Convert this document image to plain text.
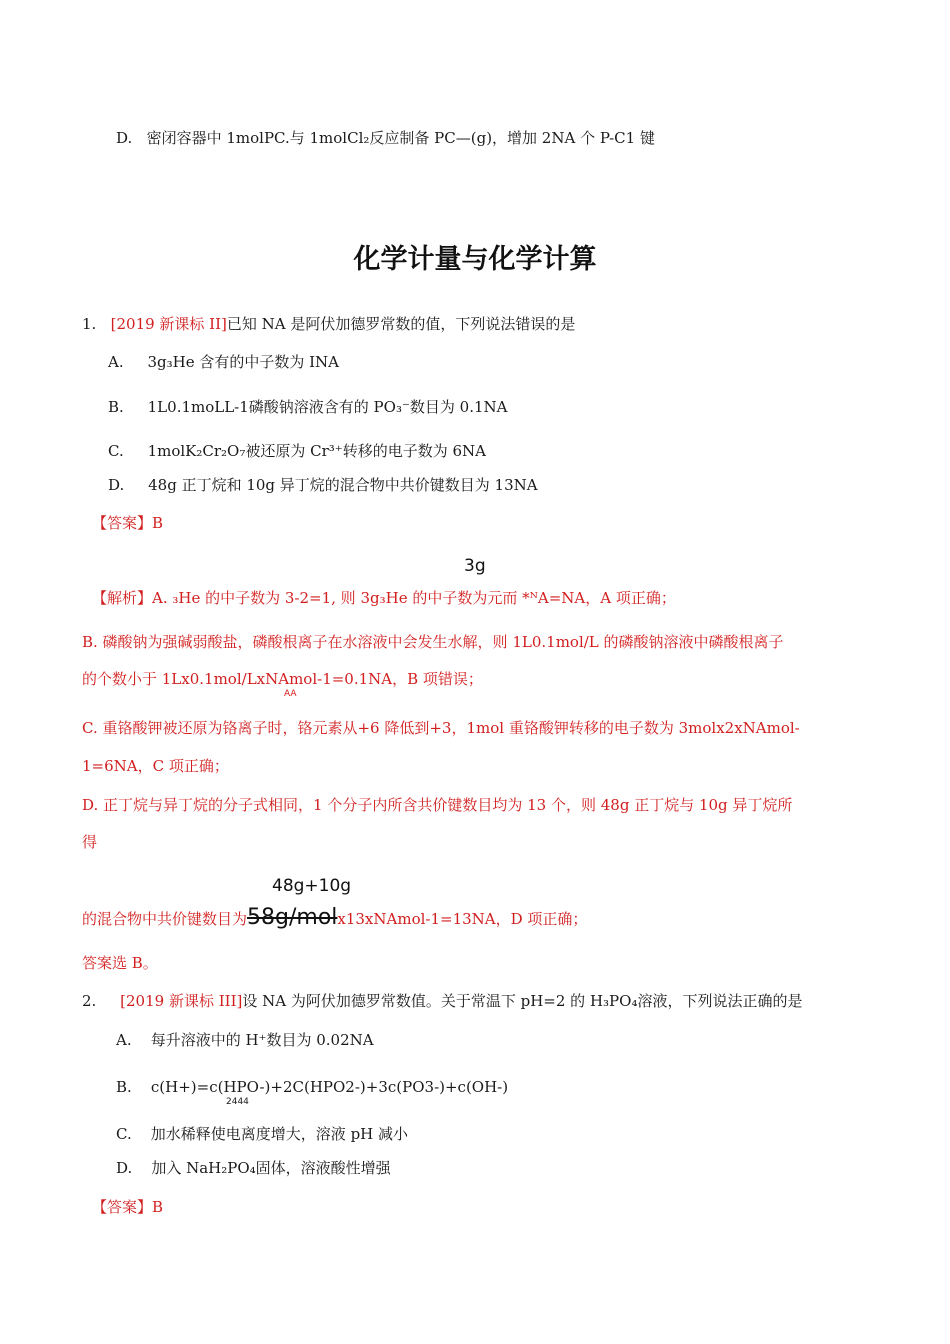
D. 密闭容器中 1molPC.与 1molCl₂反应制备 PC—(g)，增加 2NA 个 P-C1 键
化学计量与化学计算
1. [2019 新课标 II]已知 NA 是阿伏加德罗常数的值，下列说法错误的是
A. 3g₃He 含有的中子数为 INA
B. 1L0.1moLL-1磷酸钠溶液含有的 PO₃⁻数目为 0.1NA
C. 1molK₂Cr₂O₇被还原为 Cr³⁺转移的电子数为 6NA
D. 48g 正丁烷和 10g 异丁烷的混合物中共价键数目为 13NA
【答案】B
3g
【解析】A. ₃He 的中子数为 3-2=1, 则 3g₃He 的中子数为元而 *ᴺA=NA，A 项正确；
B. 磷酸钠为强碱弱酸盐，磷酸根离子在水溶液中会发生水解，则 1L0.1mol/L 的磷酸钠溶液中磷酸根离子
的个数小于 1Lx0.1mol/LxNAmol-1=0.1NA，B 项错误；
AA
C. 重铬酸钾被还原为铬离子时，铬元素从+6 降低到+3，1mol 重铬酸钾转移的电子数为 3molx2xNAmol-
1=6NA，C 项正确；
D. 正丁烷与异丁烷的分子式相同，1 个分子内所含共价键数目均为 13 个，则 48g 正丁烷与 10g 异丁烷所
得
48g+10g
的混合物中共价键数目为58g/molx13xNAmol-1=13NA，D 项正确；
答案选 B。
2. [2019 新课标 III]设 NA 为阿伏加德罗常数值。关于常温下 pH=2 的 H₃PO₄溶液，下列说法正确的是
A. 每升溶液中的 H⁺数目为 0.02NA
B. c(H+)=c(HPO-)+2C(HPO2-)+3c(PO3-)+c(OH-)
2444
C. 加水稀释使电离度增大，溶液 pH 减小
D. 加入 NaH₂PO₄固体，溶液酸性增强
【答案】B
